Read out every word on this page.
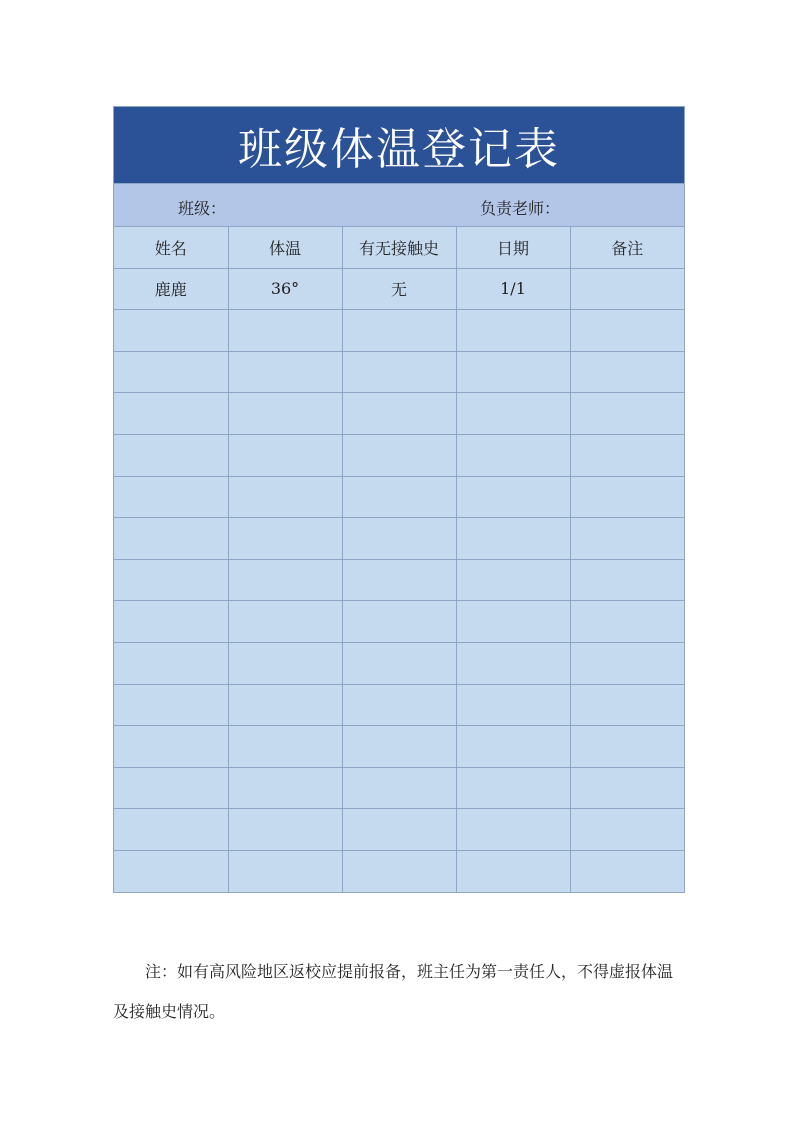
班级体温登记表
班级：	负责老师：
姓名	体温	有无接触史	日期	备注
鹿鹿	36°	无	1/1	

注：如有高风险地区返校应提前报备，班主任为第一责任人，不得虚报体温及接触史情况。
